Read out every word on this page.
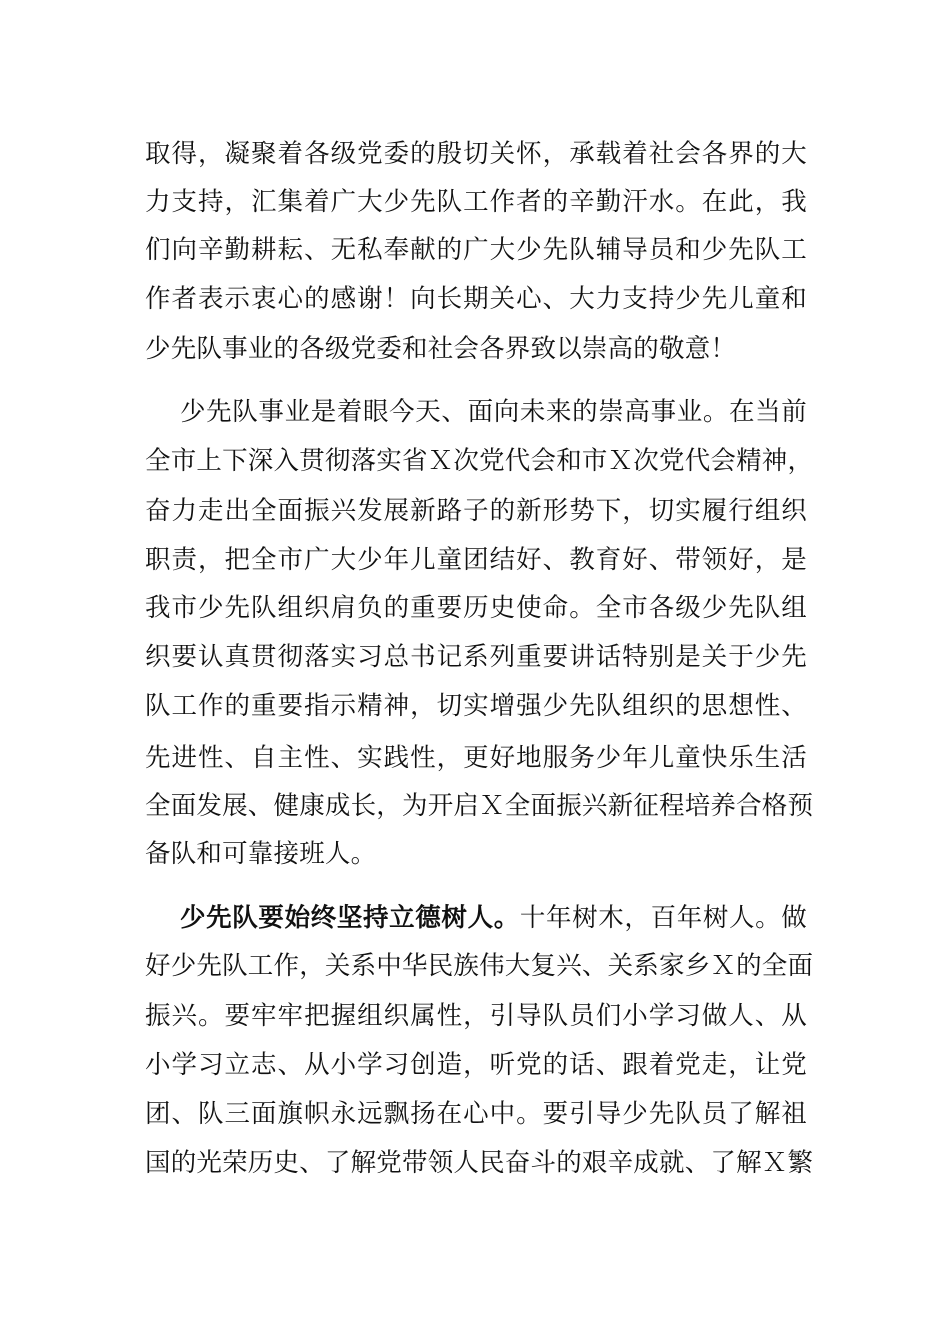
取得，凝聚着各级党委的殷切关怀，承载着社会各界的大
力支持，汇集着广大少先队工作者的辛勤汗水。在此，我
们向辛勤耕耘、无私奉献的广大少先队辅导员和少先队工
作者表示衷心的感谢！向长期关心、大力支持少先儿童和
少先队事业的各级党委和社会各界致以崇高的敬意！
少先队事业是着眼今天、面向未来的崇高事业。在当前
全市上下深入贯彻落实省Ｘ次党代会和市Ｘ次党代会精神，
奋力走出全面振兴发展新路子的新形势下，切实履行组织
职责，把全市广大少年儿童团结好、教育好、带领好，是
我市少先队组织肩负的重要历史使命。全市各级少先队组
织要认真贯彻落实习总书记系列重要讲话特别是关于少先
队工作的重要指示精神，切实增强少先队组织的思想性、
先进性、自主性、实践性，更好地服务少年儿童快乐生活
全面发展、健康成长，为开启Ｘ全面振兴新征程培养合格预
备队和可靠接班人。
少先队要始终坚持立德树人。十年树木，百年树人。做
好少先队工作，关系中华民族伟大复兴、关系家乡Ｘ的全面
振兴。要牢牢把握组织属性，引导队员们小学习做人、从
小学习立志、从小学习创造，听党的话、跟着党走，让党
团、队三面旗帜永远飘扬在心中。要引导少先队员了解祖
国的光荣历史、了解党带领人民奋斗的艰辛成就、了解Ｘ繁
